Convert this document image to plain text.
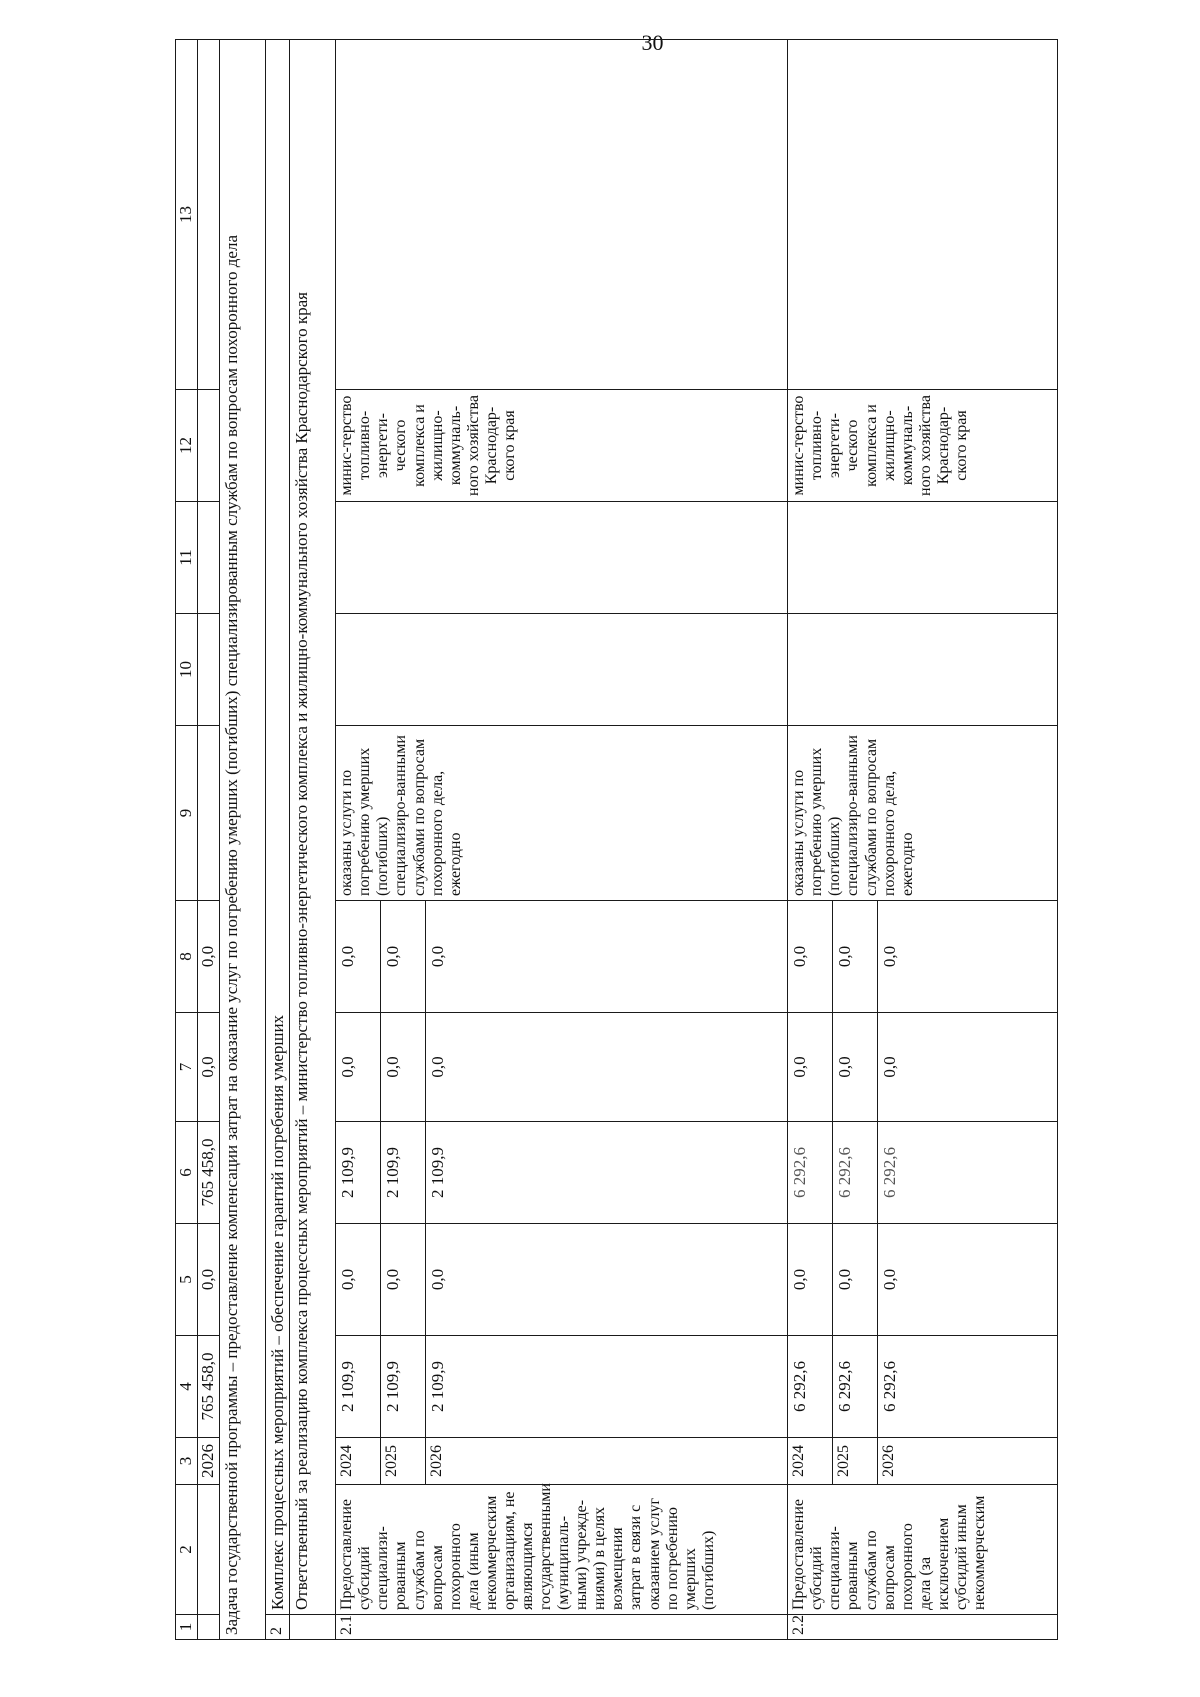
30
1	2	3	4	5	6	7	8	9	10	11	12	13
		2026	765 458,0	0,0	765 458,0	0,0	0,0					
Задача государственной программы – предоставление компенсации затрат на оказание услуг по погребению умерших (погибших) специализированным службам по вопросам похоронного дела												
2	Комплекс процессных мероприятий – обеспечение гарантий погребения умерших											
	Ответственный за реализацию комплекса процессных мероприятий – министерство топливно-энергетического комплекса и жилищно-коммунального хозяйства Краснодарского края											
2.1	Предоставление субсидий специализи-рованным службам по вопросам похоронного дела (иным некоммерческим организациям, не являющимся государственными (муниципаль-ными) учрежде-ниями) в целях возмещения затрат в связи с оказанием услуг по погребению умерших (погибших)	2024	2 109,9	0,0	2 109,9	0,0	0,0	оказаны услуги по погребению умерших (погибших) специализиро-ванными службами по вопросам похоронного дела, ежегодно			минис-терство топливно-энергети-ческого комплекса и жилищно-коммуналь-ного хозяйства Краснодар-ского края	
		2025	2 109,9	0,0	2 109,9	0,0	0,0					
		2026	2 109,9	0,0	2 109,9	0,0	0,0					
2.2	Предоставление субсидий специализи-рованным службам по вопросам похоронного дела (за исключением субсидий иным некоммерческим	2024	6 292,6	0,0	6 292,6	0,0	0,0	оказаны услуги по погребению умерших (погибших) специализиро-ванными службами по вопросам похоронного дела, ежегодно			минис-терство топливно-энергети-ческого комплекса и жилищно-коммуналь-ного хозяйства Краснодар-ского края	
		2025	6 292,6	0,0	6 292,6	0,0	0,0					
		2026	6 292,6	0,0	6 292,6	0,0	0,0					
